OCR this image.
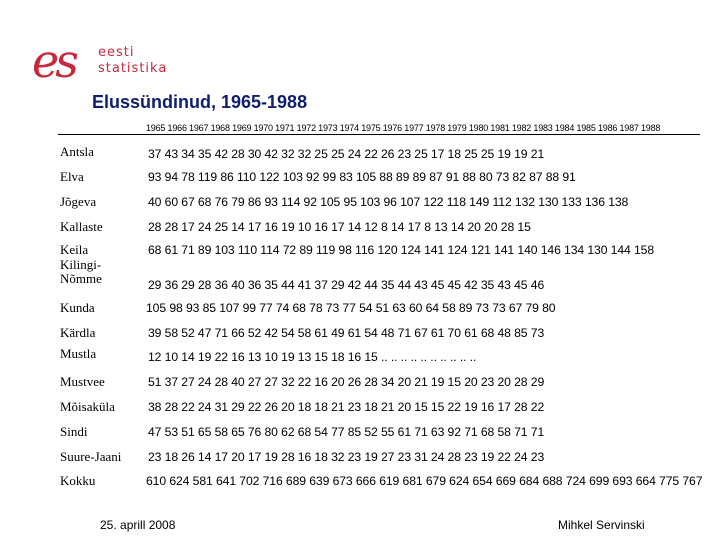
es eesti
statistika
Elussündinud, 1965-1988
1965 1966 1967 1968 1969 1970 1971 1972 1973 1974 1975 1976 1977 1978 1979 1980 1981 1982 1983 1984 1985 1986 1987 1988
Antsla	37 43 34 35 42 28 30 42 32 32 25 25 24 22 26 23 25 17 18 25 25 19 19 21
Elva	93 94 78 119 86 110 122 103 92 99 83 105 88 89 89 87 91 88 80 73 82 87 88 91
Jõgeva	40 60 67 68 76 79 86 93 114 92 105 95 103 96 107 122 118 149 112 132 130 133 136 138
Kallaste	28 28 17 24 25 14 17 16 19 10 16 17 14 12 8 14 17 8 13 14 20 20 28 15
Keila	68 61 71 89 103 110 114 72 89 119 98 116 120 124 141 124 121 141 140 146 134 130 144 158
Kilingi-
Nõmme	29 36 29 28 36 40 36 35 44 41 37 29 42 44 35 44 43 45 45 42 35 43 45 46
Kunda	105 98 93 85 107 99 77 74 68 78 73 77 54 51 63 60 64 58 89 73 73 67 79 80
Kärdla	39 58 52 47 71 66 52 42 54 58 61 49 61 54 48 71 67 61 70 61 68 48 85 73
Mustla	12 10 14 19 22 16 13 10 19 13 15 18 16 15 .. .. .. .. .. .. .. .. .. ..
Mustvee	51 37 27 24 28 40 27 27 32 22 16 20 26 28 34 20 21 19 15 20 23 20 28 29
Mõisaküla	38 28 22 24 31 29 22 26 20 18 18 21 23 18 21 20 15 15 22 19 16 17 28 22
Sindi	47 53 51 65 58 65 76 80 62 68 54 77 85 52 55 61 71 63 92 71 68 58 71 71
Suure-Jaani 23 18 26 14 17 20 17 19 28 16 18 32 23 19 27 23 31 24 28 23 19 22 24 23
Kokku	610 624 581 641 702 716 689 639 673 666 619 681 679 624 654 669 684 688 724 699 693 664 775 767
25. aprill 2008	Mihkel Servinski
